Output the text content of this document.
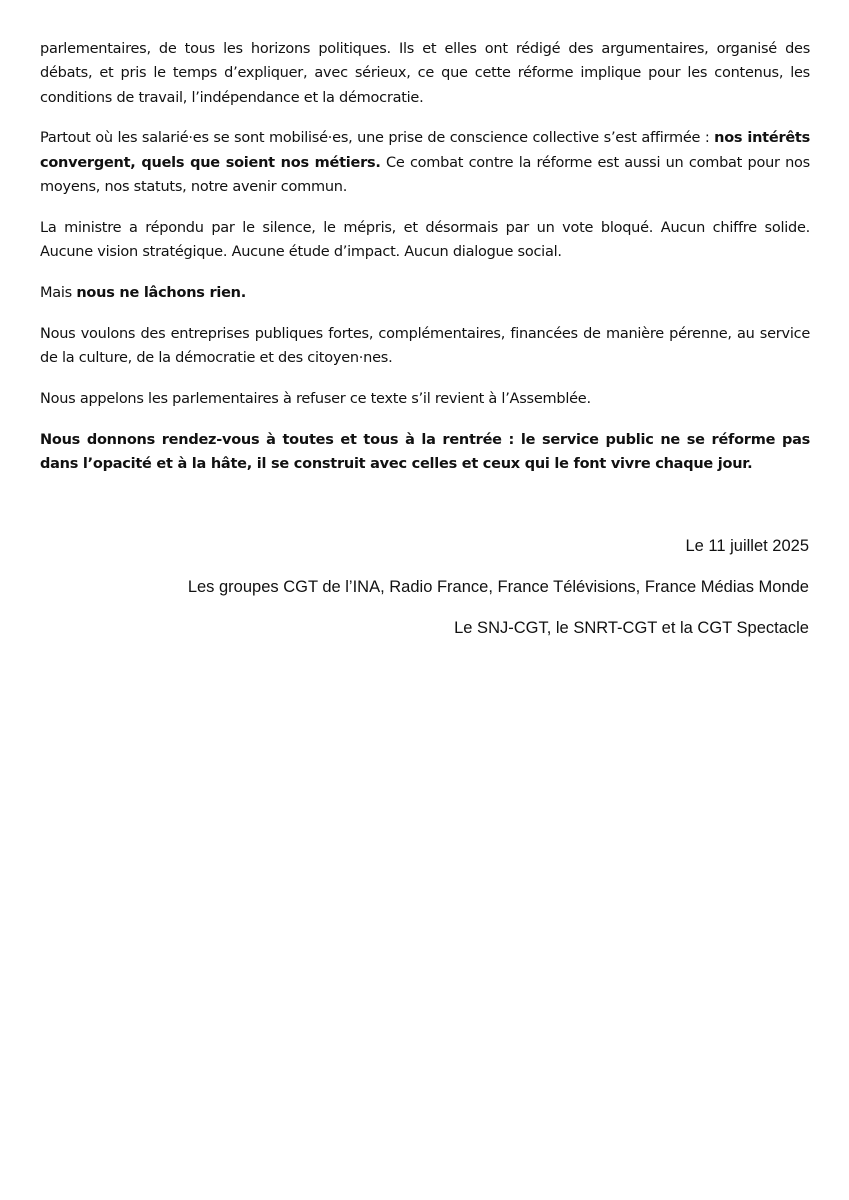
parlementaires, de tous les horizons politiques. Ils et elles ont rédigé des argumentaires, organisé des débats, et pris le temps d’expliquer, avec sérieux, ce que cette réforme implique pour les contenus, les conditions de travail, l’indépendance et la démocratie.

Partout où les salarié·es se sont mobilisé·es, une prise de conscience collective s’est affirmée : nos intérêts convergent, quels que soient nos métiers. Ce combat contre la réforme est aussi un combat pour nos moyens, nos statuts, notre avenir commun.

La ministre a répondu par le silence, le mépris, et désormais par un vote bloqué. Aucun chiffre solide. Aucune vision stratégique. Aucune étude d’impact. Aucun dialogue social.

Mais nous ne lâchons rien.

Nous voulons des entreprises publiques fortes, complémentaires, financées de manière pérenne, au service de la culture, de la démocratie et des citoyen·nes.

Nous appelons les parlementaires à refuser ce texte s’il revient à l’Assemblée.

Nous donnons rendez-vous à toutes et tous à la rentrée : le service public ne se réforme pas dans l’opacité et à la hâte, il se construit avec celles et ceux qui le font vivre chaque jour.

Le 11 juillet 2025
Les groupes CGT de l’INA, Radio France, France Télévisions, France Médias Monde
Le SNJ-CGT, le SNRT-CGT et la CGT Spectacle
